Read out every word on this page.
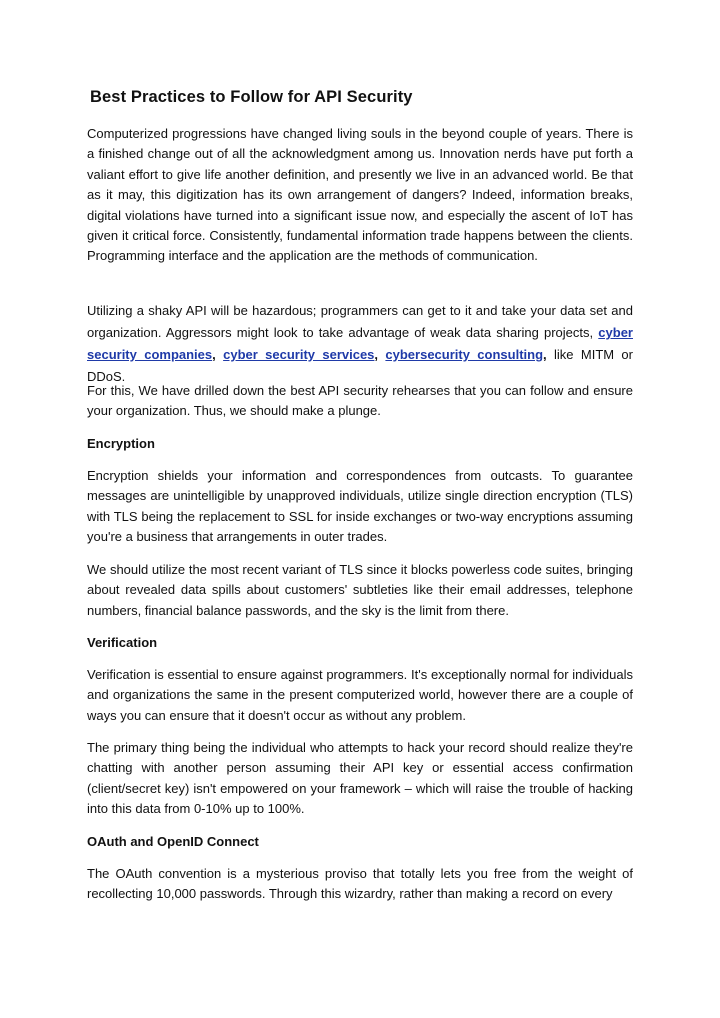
Best Practices to Follow for API Security

Computerized progressions have changed living souls in the beyond couple of years. There is a finished change out of all the acknowledgment among us. Innovation nerds have put forth a valiant effort to give life another definition, and presently we live in an advanced world. Be that as it may, this digitization has its own arrangement of dangers? Indeed, information breaks, digital violations have turned into a significant issue now, and especially the ascent of IoT has given it critical force. Consistently, fundamental information trade happens between the clients. Programming interface and the application are the methods of communication.

Utilizing a shaky API will be hazardous; programmers can get to it and take your data set and organization. Aggressors might look to take advantage of weak data sharing projects, cyber security companies, cyber security services, cybersecurity consulting, like MITM or DDoS.

For this, We have drilled down the best API security rehearses that you can follow and ensure your organization. Thus, we should make a plunge.

Encryption

Encryption shields your information and correspondences from outcasts. To guarantee messages are unintelligible by unapproved individuals, utilize single direction encryption (TLS) with TLS being the replacement to SSL for inside exchanges or two-way encryptions assuming you're a business that arrangements in outer trades.

We should utilize the most recent variant of TLS since it blocks powerless code suites, bringing about revealed data spills about customers' subtleties like their email addresses, telephone numbers, financial balance passwords, and the sky is the limit from there.

Verification

Verification is essential to ensure against programmers. It's exceptionally normal for individuals and organizations the same in the present computerized world, however there are a couple of ways you can ensure that it doesn't occur as without any problem.

The primary thing being the individual who attempts to hack your record should realize they're chatting with another person assuming their API key or essential access confirmation (client/secret key) isn't empowered on your framework – which will raise the trouble of hacking into this data from 0-10% up to 100%.

OAuth and OpenID Connect

The OAuth convention is a mysterious proviso that totally lets you free from the weight of recollecting 10,000 passwords. Through this wizardry, rather than making a record on every
